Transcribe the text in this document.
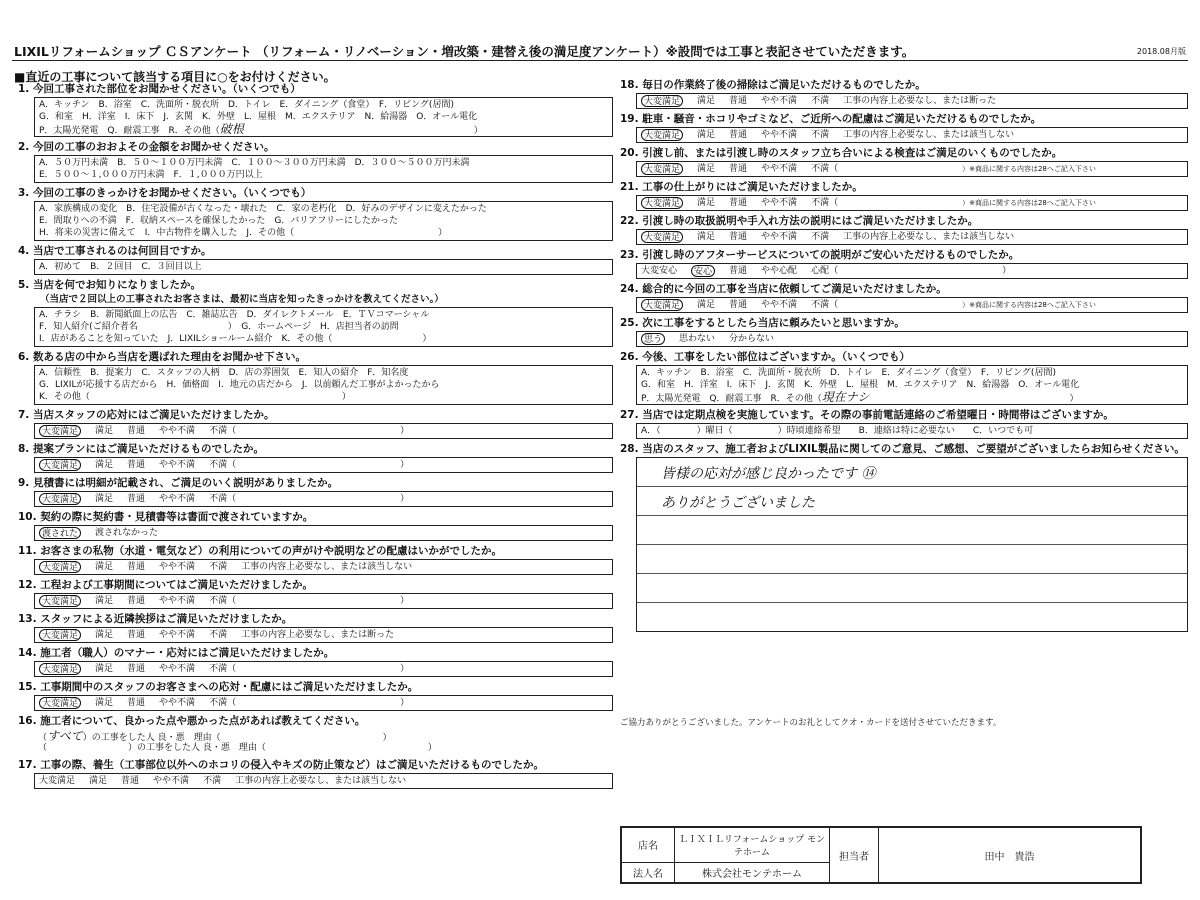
LIXILリフォームショップ ＣＳアンケート （リフォーム・リノベーション・増改築・建替え後の満足度アンケート）※設問では工事と表記させていただきます。	2018.08月版
■直近の工事について該当する項目に○をお付けください。
1. 今回工事された部位をお聞かせください。（いくつでも）
A．キッチン　B．浴室　C．洗面所・脱衣所　D．トイレ　E．ダイニング（食堂）　F．リビング(居間)
G．和室　H．洋室　I．床下　J．玄関　K．外壁　L．屋根　M．エクステリア　N．給湯器　O．オール電化
P．太陽光発電　Q．耐震工事　R．その他（破根	）
2. 今回の工事のおおよその金額をお聞かせください。
A．５０万円未満　B．５０～１００万円未満　C．１００～３００万円未満　D．３００～５００万円未満
E．５００～１,０００万円未満　F．１,０００万円以上
3. 今回の工事のきっかけをお聞かせください。（いくつでも）
A．家族構成の変化　B．住宅設備が古くなった・壊れた　C．家の老朽化　D．好みのデザインに変えたかった
E．間取りへの不満　F．収納スペースを確保したかった　G．バリアフリーにしたかった
H．将来の災害に備えて　I．中古物件を購入した　J．その他（　　　　　　　　　　　　　　　　）
4. 当店で工事されるのは何回目ですか。
A．初めて　B．２回目　C．３回目以上
5. 当店を何でお知りになりましたか。
（当店で２回以上の工事されたお客さまは、最初に当店を知ったきっかけを教えてください。）
A．チラシ　B．新聞紙面上の広告　C．雑誌広告　D．ダイレクトメール　E．ＴＶコマーシャル
F．知人紹介(ご紹介者名　　　　　　　　　　）　G．ホームページ　H．店担当者の訪問
I．店があることを知っていた　J．LIXILショールーム紹介　K．その他（　　　　　　　　　　）
6. 数ある店の中から当店を選ばれた理由をお聞かせ下さい。
A．信頼性　B．提案力　C．スタッフの人柄　D．店の雰囲気　E．知人の紹介　F．知名度
G．LIXILが応援する店だから　H．価格面　I．地元の店だから　J．以前頼んだ工事がよかったから
K．その他（　　　　　　　　　　　　　　　　　　　　　　　　　　　　）
7. 当店スタッフの応対にはご満足いただけましたか。
大変満足	満足 普通 やや不満 不満（	）
8. 提案プランにはご満足いただけるものでしたか。
大変満足	満足 普通 やや不満 不満（	）
9. 見積書には明細が記載され、ご満足のいく説明がありましたか。
大変満足	満足 普通 やや不満 不満（	）
10. 契約の際に契約書・見積書等は書面で渡されていますか。
渡された	渡されなかった
11. お客さまの私物（水道・電気など）の利用についての声がけや説明などの配慮はいかがでしたか。
大変満足	満足 普通 やや不満 不満 工事の内容上必要なし、または該当しない
12. 工程および工事期間についてはご満足いただけましたか。
大変満足	満足 普通 やや不満 不満（	）
13. スタッフによる近隣挨拶はご満足いただけましたか。
大変満足	満足 普通 やや不満 不満 工事の内容上必要なし、または断った
14. 施工者（職人）のマナー・応対にはご満足いただけましたか。
大変満足	満足 普通 やや不満 不満（	）
15. 工事期間中のスタッフのお客さまへの応対・配慮にはご満足いただけましたか。
大変満足	満足 普通 やや不満 不満（	）
16. 施工者について、良かった点や悪かった点があれば教えてください。
（すべて）の工事をした人 良・悪　理由（　　　　　　　　　　　　　　　　　　）
（　　　　　　　　　）の工事をした人 良・悪　理由（　　　　　　　　　　　　　　　　　　）
17. 工事の際、養生（工事部位以外へのホコリの侵入やキズの防止策など）はご満足いただけるものでしたか。
大変満足 満足 普通 やや不満 不満 工事の内容上必要なし、または該当しない
18. 毎日の作業終了後の掃除はご満足いただけるものでしたか。
大変満足	満足 普通 やや不満 不満 工事の内容上必要なし、または断った
19. 駐車・騒音・ホコリやゴミなど、ご近所への配慮はご満足いただけるものでしたか。
大変満足	満足 普通 やや不満 不満 工事の内容上必要なし、または該当しない
20. 引渡し前、または引渡し時のスタッフ立ち合いによる検査はご満足のいくものでしたか。
大変満足	満足 普通 やや不満 不満（	）※商品に関する内容は28へご記入下さい
21. 工事の仕上がりにはご満足いただけましたか。
大変満足	満足 普通 やや不満 不満（	）※商品に関する内容は28へご記入下さい
22. 引渡し時の取扱説明や手入れ方法の説明にはご満足いただけましたか。
大変満足	満足 普通 やや不満 不満 工事の内容上必要なし、または該当しない
23. 引渡し時のアフターサービスについての説明がご安心いただけるものでしたか。
大変安心	安心	普通 やや心配 心配（	）
24. 総合的に今回の工事を当店に依頼してご満足いただけましたか。
大変満足	満足 普通 やや不満 不満（	）※商品に関する内容は28へご記入下さい
25. 次に工事をするとしたら当店に頼みたいと思いますか。
思う	思わない 分からない
26. 今後、工事をしたい部位はございますか。（いくつでも）
A．キッチン　B．浴室　C．洗面所・脱衣所　D．トイレ　E．ダイニング（食堂）　F．リビング(居間)
G．和室　H．洋室　I．床下　J．玄関　K．外壁　L．屋根　M．エクステリア　N．給湯器　O．オール電化
P．太陽光発電　Q．耐震工事　R．その他（現在ナシ	）
27. 当店では定期点検を実施しています。その際の事前電話連絡のご希望曜日・時間帯はございますか。
A．（　　　　）曜日（　　　　　）時頃連絡希望　　B．連絡は特に必要ない　　C．いつでも可
28. 当店のスタッフ、施工者およびLIXIL製品に関してのご意見、ご感想、ご要望がございましたらお知らせください。
皆様の応対が感じ良かったです ⑭
ありがとうございました
ご協力ありがとうございました。アンケートのお礼としてクオ・カードを送付させていただきます。
店名	ＬＩＸＩＬリフォームショップ モンテホーム	担当者	田中　貴浩
法人名	株式会社モンテホーム		
